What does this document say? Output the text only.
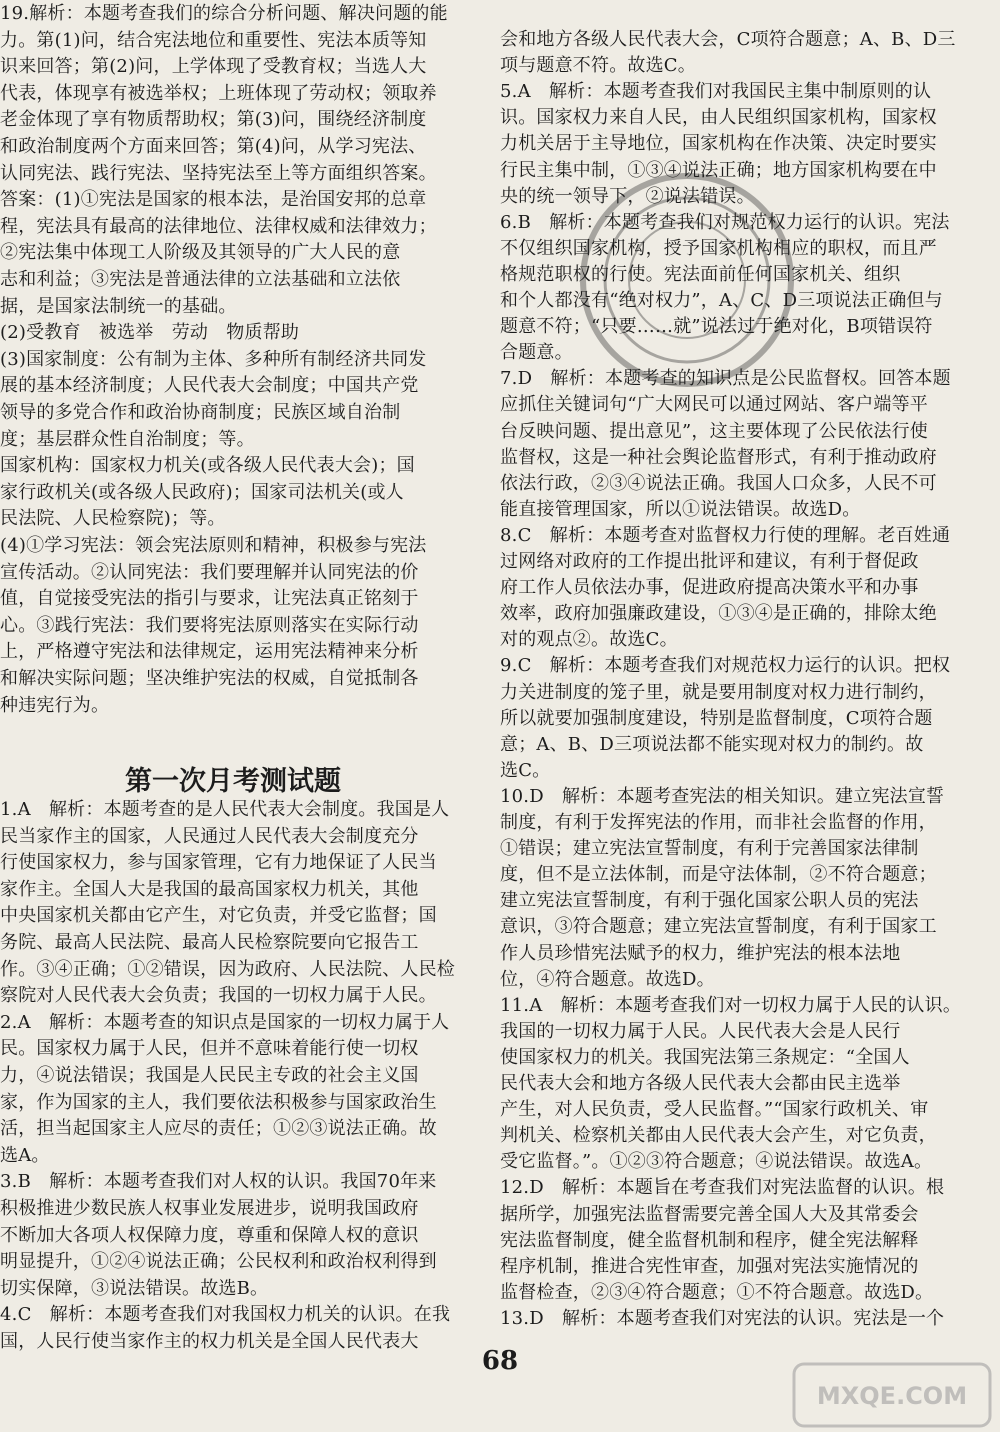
19.解析：本题考查我们的综合分析问题、解决问题的能
力。第(1)问，结合宪法地位和重要性、宪法本质等知
识来回答；第(2)问，上学体现了受教育权；当选人大
代表，体现享有被选举权；上班体现了劳动权；领取养
老金体现了享有物质帮助权；第(3)问，围绕经济制度
和政治制度两个方面来回答；第(4)问，从学习宪法、
认同宪法、践行宪法、坚持宪法至上等方面组织答案。
答案：(1)①宪法是国家的根本法，是治国安邦的总章
程，宪法具有最高的法律地位、法律权威和法律效力；
②宪法集中体现工人阶级及其领导的广大人民的意
志和利益；③宪法是普通法律的立法基础和立法依
据，是国家法制统一的基础。
(2)受教育　被选举　劳动　物质帮助
(3)国家制度：公有制为主体、多种所有制经济共同发
展的基本经济制度；人民代表大会制度；中国共产党
领导的多党合作和政治协商制度；民族区域自治制
度；基层群众性自治制度；等。
国家机构：国家权力机关(或各级人民代表大会)；国
家行政机关(或各级人民政府)；国家司法机关(或人
民法院、人民检察院)；等。
(4)①学习宪法：领会宪法原则和精神，积极参与宪法
宣传活动。②认同宪法：我们要理解并认同宪法的价
值，自觉接受宪法的指引与要求，让宪法真正铭刻于
心。③践行宪法：我们要将宪法原则落实在实际行动
上，严格遵守宪法和法律规定，运用宪法精神来分析
和解决实际问题；坚决维护宪法的权威，自觉抵制各
种违宪行为。
1.A　解析：本题考查的是人民代表大会制度。我国是人
民当家作主的国家，人民通过人民代表大会制度充分
行使国家权力，参与国家管理，它有力地保证了人民当
家作主。全国人大是我国的最高国家权力机关，其他
中央国家机关都由它产生，对它负责，并受它监督；国
务院、最高人民法院、最高人民检察院要向它报告工
作。③④正确；①②错误，因为政府、人民法院、人民检
察院对人民代表大会负责；我国的一切权力属于人民。
2.A　解析：本题考查的知识点是国家的一切权力属于人
民。国家权力属于人民，但并不意味着能行使一切权
力，④说法错误；我国是人民民主专政的社会主义国
家，作为国家的主人，我们要依法积极参与国家政治生
活，担当起国家主人应尽的责任；①②③说法正确。故
选A。
3.B　解析：本题考查我们对人权的认识。我国70年来
积极推进少数民族人权事业发展进步，说明我国政府
不断加大各项人权保障力度，尊重和保障人权的意识
明显提升，①②④说法正确；公民权利和政治权利得到
切实保障，③说法错误。故选B。
4.C　解析：本题考查我们对我国权力机关的认识。在我
国，人民行使当家作主的权力机关是全国人民代表大
会和地方各级人民代表大会，C项符合题意；A、B、D三
项与题意不符。故选C。
5.A　解析：本题考查我们对我国民主集中制原则的认
识。国家权力来自人民，由人民组织国家机构，国家权
力机关居于主导地位，国家机构在作决策、决定时要实
行民主集中制，①③④说法正确；地方国家机构要在中
央的统一领导下，②说法错误。
6.B　解析：本题考查我们对规范权力运行的认识。宪法
不仅组织国家机构，授予国家机构相应的职权，而且严
格规范职权的行使。宪法面前任何国家机关、组织
和个人都没有“绝对权力”，A、C、D三项说法正确但与
题意不符；“只要……就”说法过于绝对化，B项错误符
合题意。
7.D　解析：本题考查的知识点是公民监督权。回答本题
应抓住关键词句“广大网民可以通过网站、客户端等平
台反映问题、提出意见”，这主要体现了公民依法行使
监督权，这是一种社会舆论监督形式，有利于推动政府
依法行政，②③④说法正确。我国人口众多，人民不可
能直接管理国家，所以①说法错误。故选D。
8.C　解析：本题考查对监督权力行使的理解。老百姓通
过网络对政府的工作提出批评和建议，有利于督促政
府工作人员依法办事，促进政府提高决策水平和办事
效率，政府加强廉政建设，①③④是正确的，排除太绝
对的观点②。故选C。
9.C　解析：本题考查我们对规范权力运行的认识。把权
力关进制度的笼子里，就是要用制度对权力进行制约，
所以就要加强制度建设，特别是监督制度，C项符合题
意；A、B、D三项说法都不能实现对权力的制约。故
选C。
10.D　解析：本题考查宪法的相关知识。建立宪法宣誓
制度，有利于发挥宪法的作用，而非社会监督的作用，
①错误；建立宪法宣誓制度，有利于完善国家法律制
度，但不是立法体制，而是守法体制，②不符合题意；
建立宪法宣誓制度，有利于强化国家公职人员的宪法
意识，③符合题意；建立宪法宣誓制度，有利于国家工
作人员珍惜宪法赋予的权力，维护宪法的根本法地
位，④符合题意。故选D。
11.A　解析：本题考查我们对一切权力属于人民的认识。
我国的一切权力属于人民。人民代表大会是人民行
使国家权力的机关。我国宪法第三条规定：“全国人
民代表大会和地方各级人民代表大会都由民主选举
产生，对人民负责，受人民监督。”“国家行政机关、审
判机关、检察机关都由人民代表大会产生，对它负责，
受它监督。”。①②③符合题意；④说法错误。故选A。
12.D　解析：本题旨在考查我们对宪法监督的认识。根
据所学，加强宪法监督需要完善全国人大及其常委会
宪法监督制度，健全监督机制和程序，健全宪法解释
程序机制，推进合宪性审查，加强对宪法实施情况的
监督检查，②③④符合题意；①不符合题意。故选D。
13.D　解析：本题考查我们对宪法的认识。宪法是一个
第一次月考测试题
68
MXQE.COM
